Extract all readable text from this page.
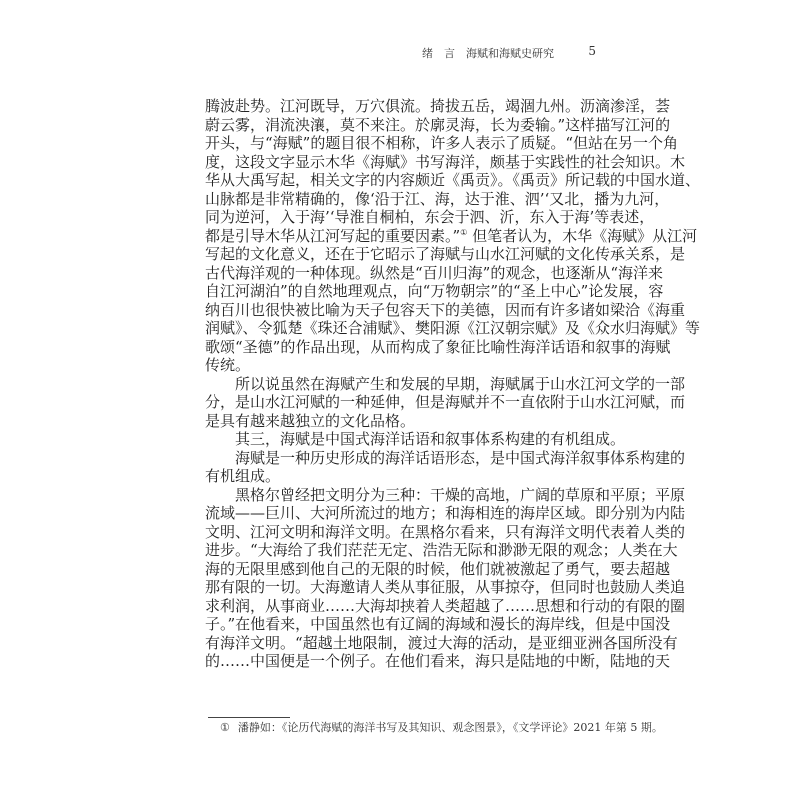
绪　言　海赋和海赋史研究	5
腾波赴势。江河既导，万穴俱流。掎拔五岳，竭涸九州。沥滴渗淫，荟
蔚云雾，涓流泱瀼，莫不来注。於廓灵海，长为委输。”这样描写江河的
开头，与“海赋”的题目很不相称，许多人表示了质疑。“但站在另一个角
度，这段文字显示木华《海赋》书写海洋，颇基于实践性的社会知识。木
华从大禹写起，相关文字的内容颇近《禹贡》。《禹贡》所记载的中国水道、
山脉都是非常精确的，像‘沿于江、海，达于淮、泗’‘又北，播为九河，
同为逆河，入于海’‘导淮自桐柏，东会于泗、沂，东入于海’等表述，
都是引导木华从江河写起的重要因素。”① 但笔者认为，木华《海赋》从江河
写起的文化意义，还在于它昭示了海赋与山水江河赋的文化传承关系，是
古代海洋观的一种体现。纵然是“百川归海”的观念，也逐渐从“海洋来
自江河湖泊”的自然地理观点，向“万物朝宗”的“圣上中心”论发展，容
纳百川也很快被比喻为天子包容天下的美德，因而有许多诸如梁洽《海重
润赋》、令狐楚《珠还合浦赋》、樊阳源《江汉朝宗赋》及《众水归海赋》等
歌颂“圣德”的作品出现，从而构成了象征比喻性海洋话语和叙事的海赋
传统。
所以说虽然在海赋产生和发展的早期，海赋属于山水江河文学的一部
分，是山水江河赋的一种延伸，但是海赋并不一直依附于山水江河赋，而
是具有越来越独立的文化品格。
其三，海赋是中国式海洋话语和叙事体系构建的有机组成。
海赋是一种历史形成的海洋话语形态，是中国式海洋叙事体系构建的
有机组成。
黑格尔曾经把文明分为三种：干燥的高地，广阔的草原和平原；平原
流域——巨川、大河所流过的地方；和海相连的海岸区域。即分别为内陆
文明、江河文明和海洋文明。在黑格尔看来，只有海洋文明代表着人类的
进步。“大海给了我们茫茫无定、浩浩无际和渺渺无限的观念；人类在大
海的无限里感到他自己的无限的时候，他们就被激起了勇气，要去超越
那有限的一切。大海邀请人类从事征服，从事掠夺，但同时也鼓励人类追
求利润，从事商业……大海却挟着人类超越了……思想和行动的有限的圈
子。”在他看来，中国虽然也有辽阔的海域和漫长的海岸线，但是中国没
有海洋文明。“超越土地限制，渡过大海的活动，是亚细亚洲各国所没有
的……中国便是一个例子。在他们看来，海只是陆地的中断，陆地的天
① 潘静如：《论历代海赋的海洋书写及其知识、观念图景》，《文学评论》2021 年第 5 期。
